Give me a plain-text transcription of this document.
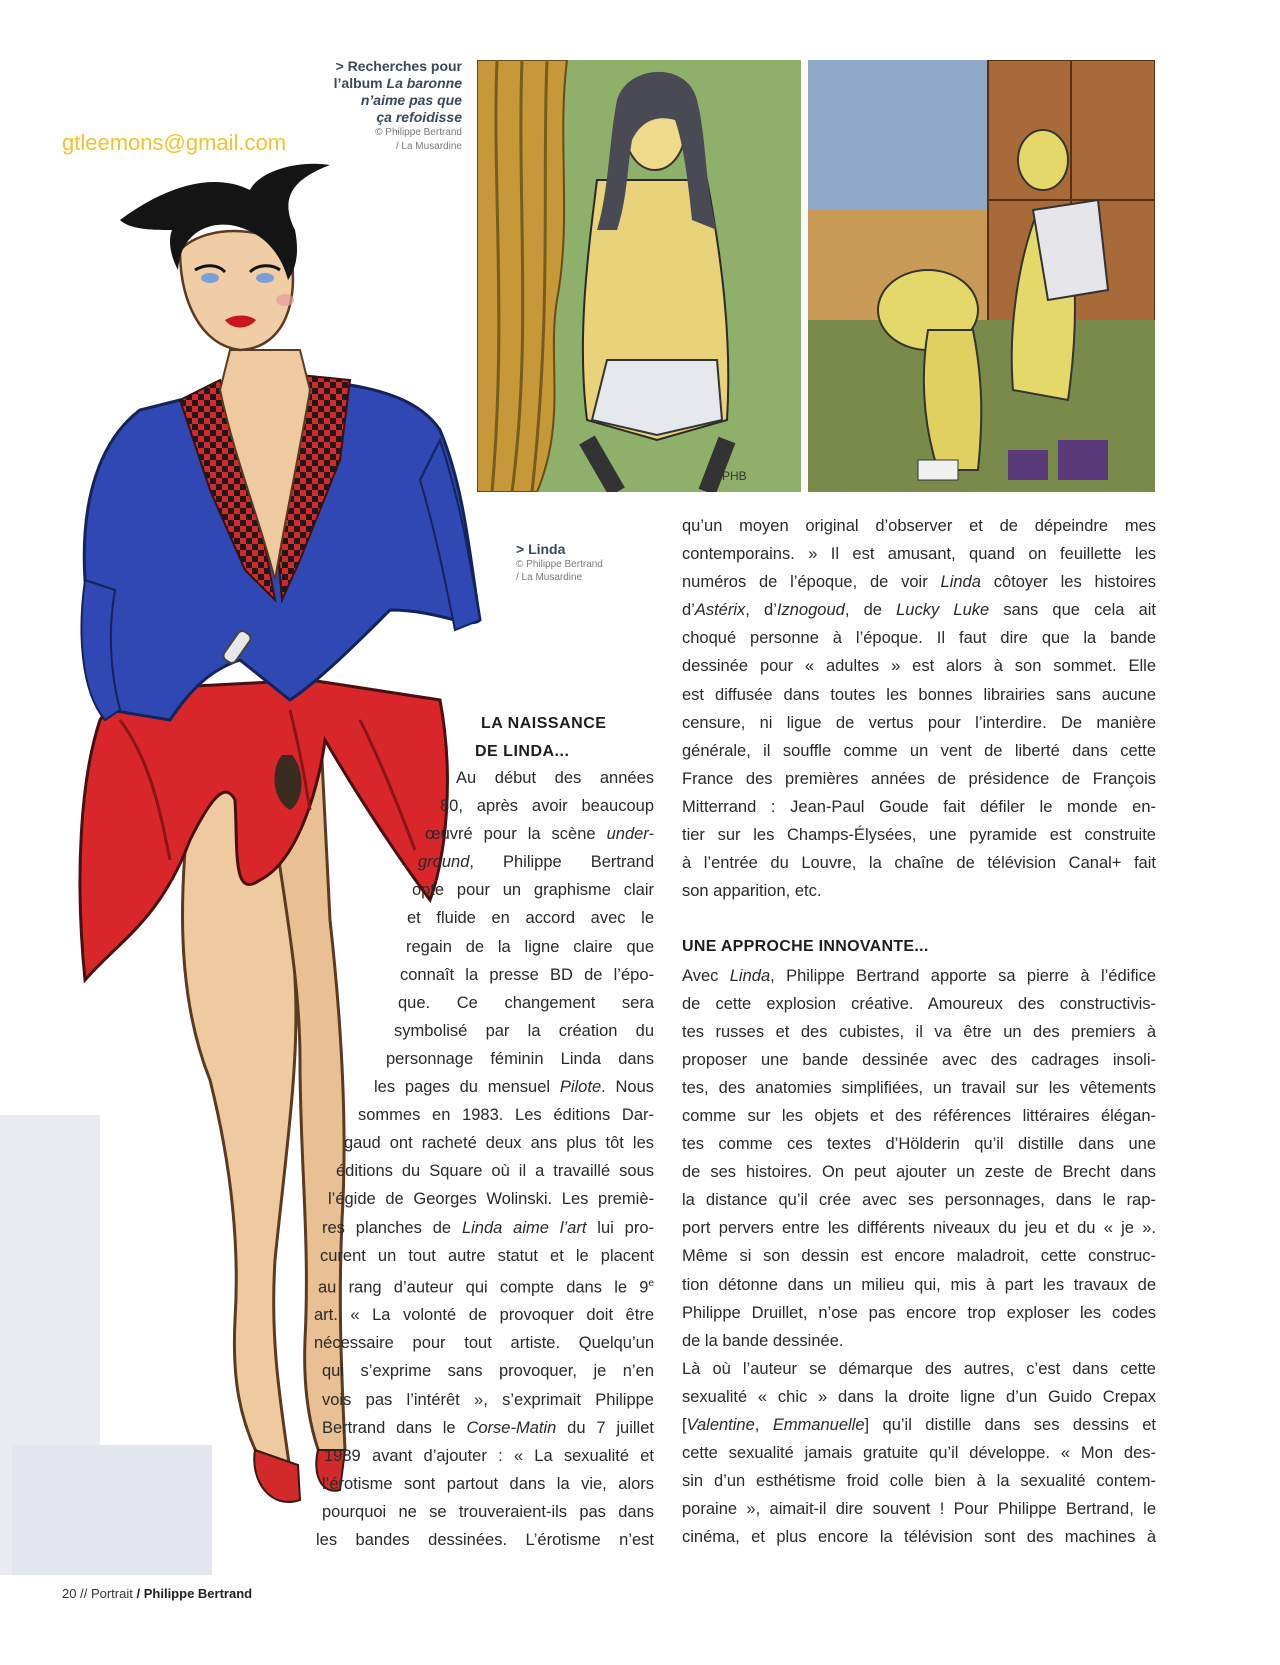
PHB
gtleemons@gmail.com
> Recherches pour
l’album La baronne
n’aime pas que
ça refoidisse
© Philippe Bertrand
/ La Musardine
> Linda
© Philippe Bertrand
/ La Musardine
LA NAISSANCE
DE LINDA...
Au début des années
80, après avoir beaucoup
œuvré pour la scène under-
ground, Philippe Bertrand
opte pour un graphisme clair
et fluide en accord avec le
regain de la ligne claire que
connaît la presse BD de l’épo-
que. Ce changement sera
symbolisé par la création du
personnage féminin Linda dans
les pages du mensuel Pilote. Nous
sommes en 1983. Les éditions Dar-
gaud ont racheté deux ans plus tôt les
éditions du Square où il a travaillé sous
l’égide de Georges Wolinski. Les premiè-
res planches de Linda aime l’art lui pro-
curent un tout autre statut et le placent
au rang d’auteur qui compte dans le 9e
art. « La volonté de provoquer doit être
nécessaire pour tout artiste. Quelqu’un
qui s’exprime sans provoquer, je n’en
vois pas l’intérêt », s’exprimait Philippe
Bertrand dans le Corse-Matin du 7 juillet
1989 avant d’ajouter : « La sexualité et
l’érotisme sont partout dans la vie, alors
pourquoi ne se trouveraient-ils pas dans
les bandes dessinées. L’érotisme n’est
qu’un moyen original d’observer et de dépeindre mes
contemporains. » Il est amusant, quand on feuillette les
numéros de l’époque, de voir Linda côtoyer les histoires
d’Astérix, d’Iznogoud, de Lucky Luke sans que cela ait
choqué personne à l’époque. Il faut dire que la bande
dessinée pour « adultes » est alors à son sommet. Elle
est diffusée dans toutes les bonnes librairies sans aucune
censure, ni ligue de vertus pour l’interdire. De manière
générale, il souffle comme un vent de liberté dans cette
France des premières années de présidence de François
Mitterrand : Jean-Paul Goude fait défiler le monde en-
tier sur les Champs-Élysées, une pyramide est construite
à l’entrée du Louvre, la chaîne de télévision Canal+ fait
son apparition, etc.

UNE APPROCHE INNOVANTE...
Avec Linda, Philippe Bertrand apporte sa pierre à l’édifice
de cette explosion créative. Amoureux des constructivis-
tes russes et des cubistes, il va être un des premiers à
proposer une bande dessinée avec des cadrages insoli-
tes, des anatomies simplifiées, un travail sur les vêtements
comme sur les objets et des références littéraires élégan-
tes comme ces textes d’Hölderin qu’il distille dans une
de ses histoires. On peut ajouter un zeste de Brecht dans
la distance qu’il crée avec ses personnages, dans le rap-
port pervers entre les différents niveaux du jeu et du « je ».
Même si son dessin est encore maladroit, cette construc-
tion détonne dans un milieu qui, mis à part les travaux de
Philippe Druillet, n’ose pas encore trop exploser les codes
de la bande dessinée.
Là où l’auteur se démarque des autres, c’est dans cette
sexualité « chic » dans la droite ligne d’un Guido Crepax
[Valentine, Emmanuelle] qu’il distille dans ses dessins et
cette sexualité jamais gratuite qu’il développe. « Mon des-
sin d’un esthétisme froid colle bien à la sexualité contem-
poraine », aimait-il dire souvent ! Pour Philippe Bertrand, le
cinéma, et plus encore la télévision sont des machines à
20 // Portrait / Philippe Bertrand
